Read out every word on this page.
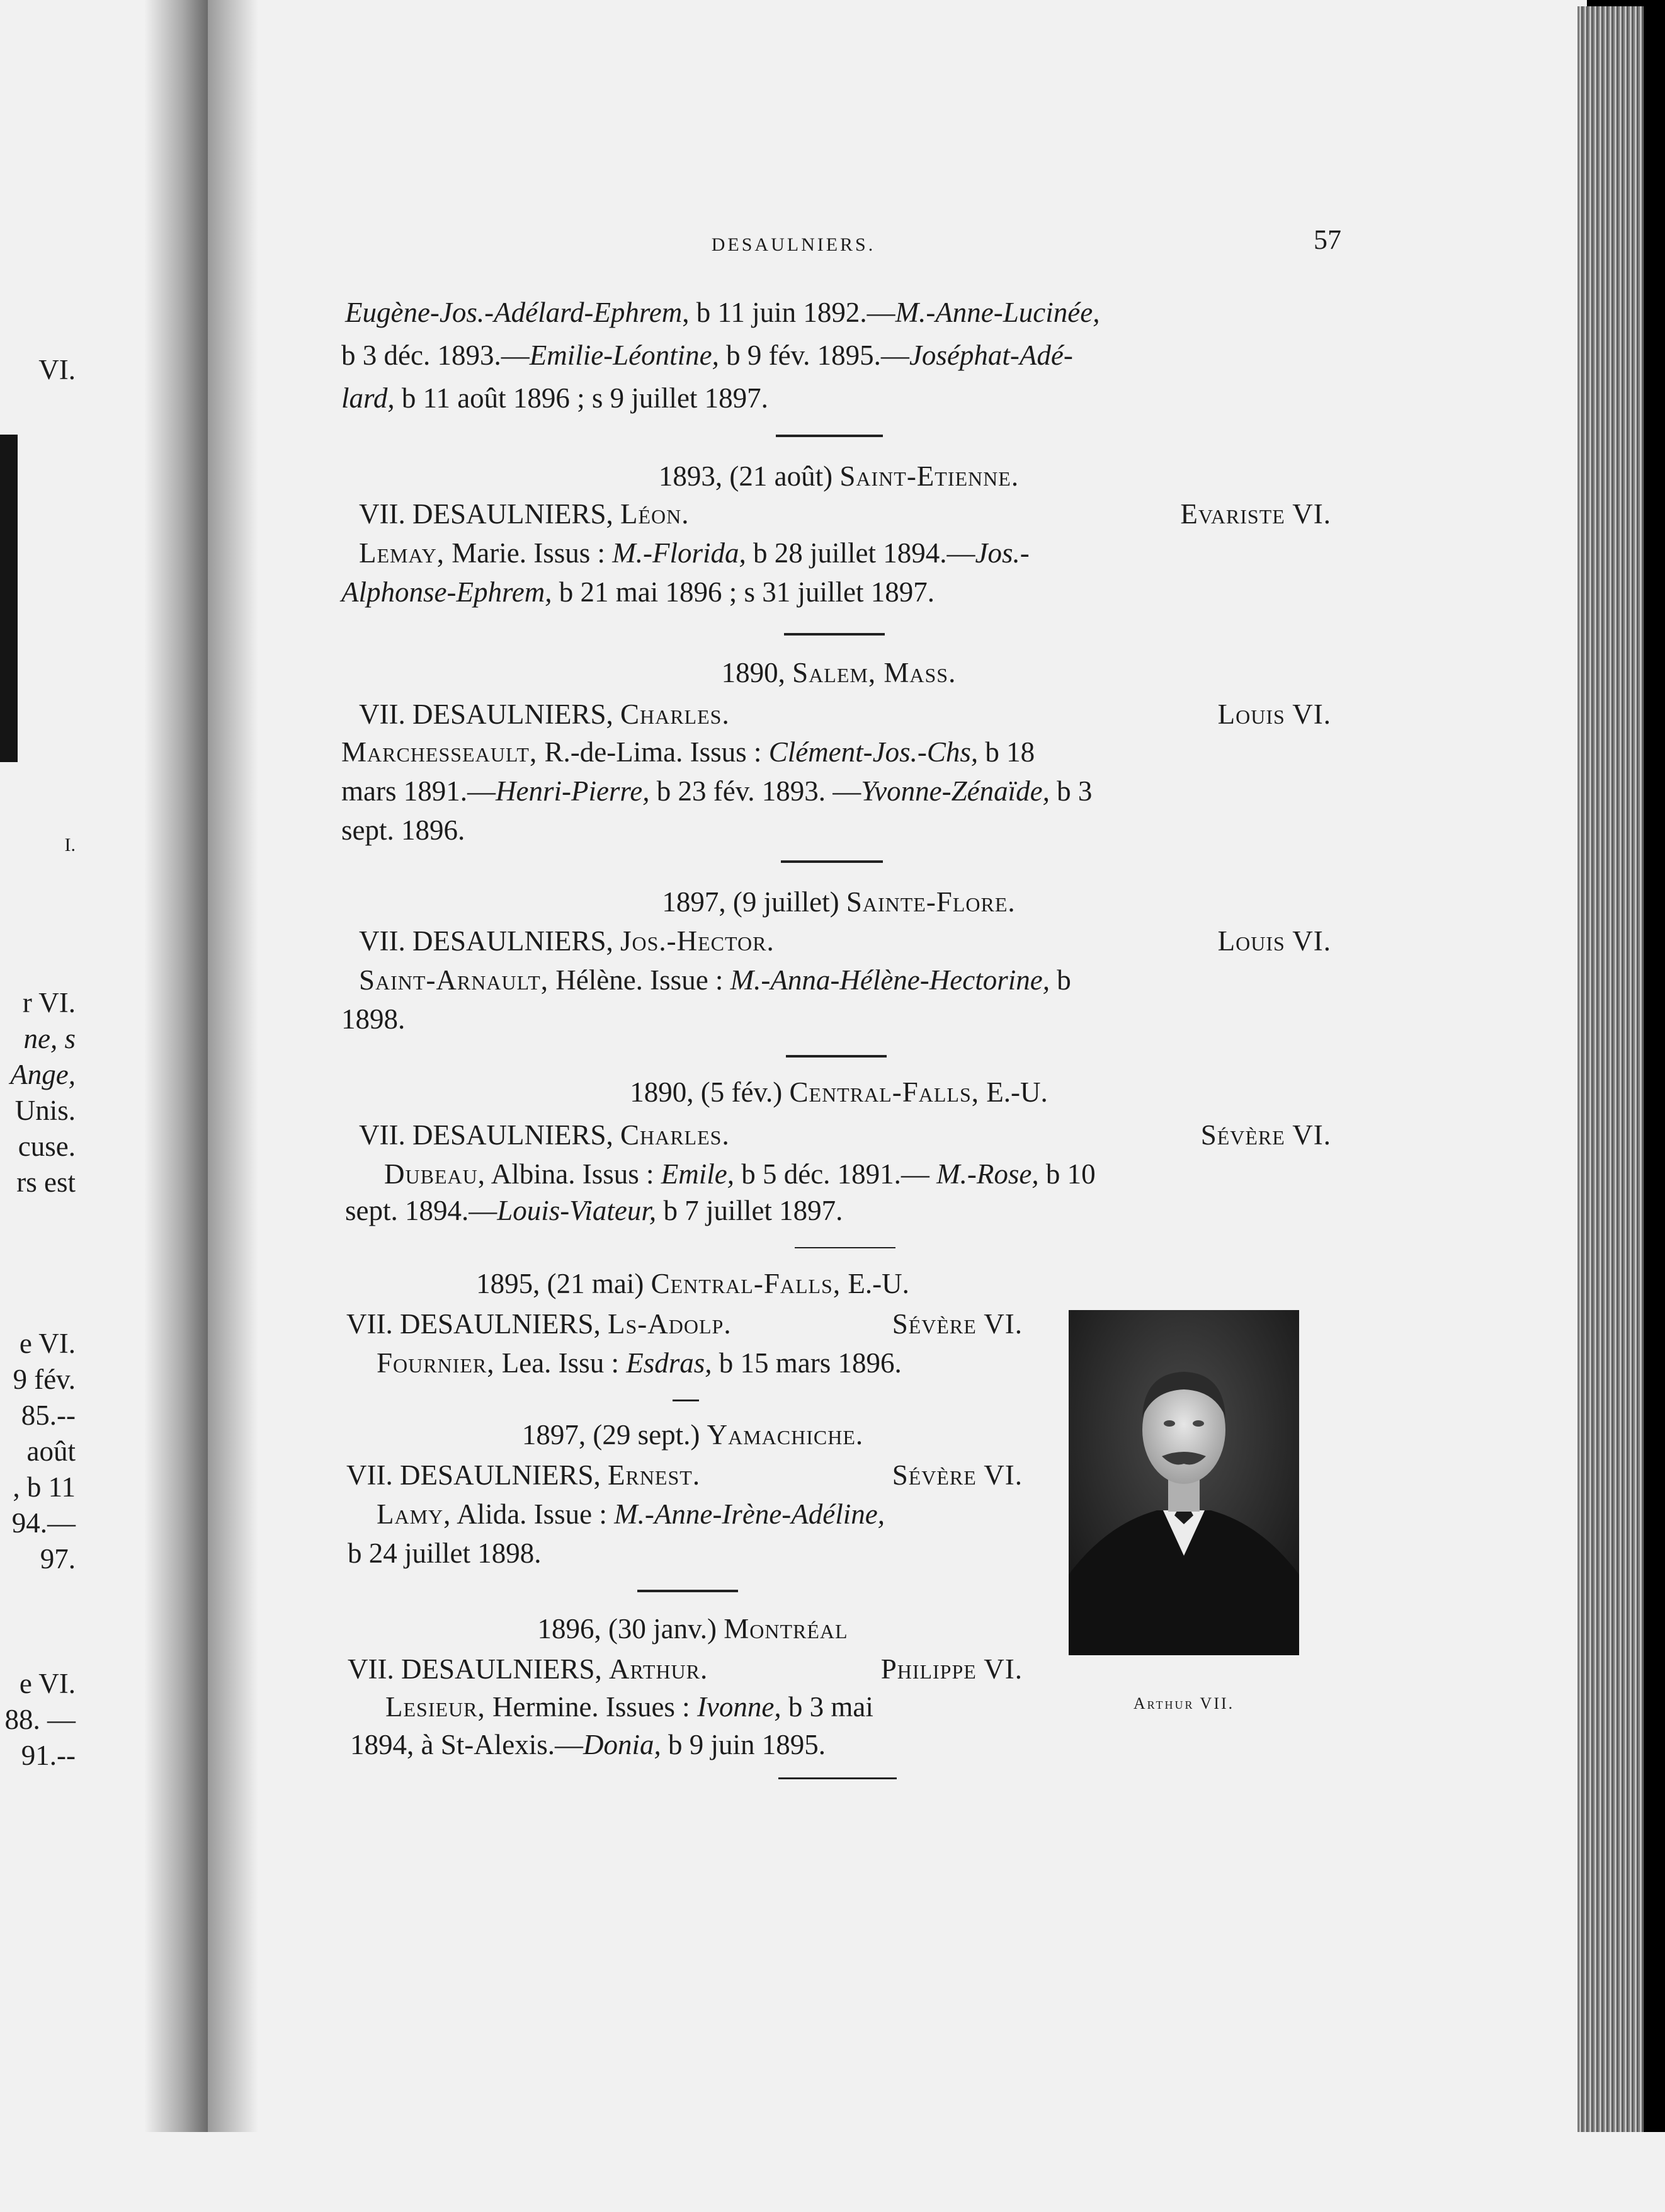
VI.
I.
r VI.
ne, s
Ange,
Unis.
cuse.
rs est
e VI.
9 fév.
85.--
août
, b 11
94.—
97.
e VI.
88. —
91.--
DESAULNIERS.	57
Eugène-Jos.-Adélard-Ephrem, b 11 juin 1892.—M.-Anne-Lucinée,
b 3 déc. 1893.—Emilie-Léontine, b 9 fév. 1895.—Joséphat-Adé-
lard, b 11 août 1896 ; s 9 juillet 1897.
1893, (21 août) Saint-Etienne.
VII. DESAULNIERS, Léon.	Evariste VI.
Lemay, Marie. Issus : M.-Florida, b 28 juillet 1894.—Jos.-
Alphonse-Ephrem, b 21 mai 1896 ; s 31 juillet 1897.
1890, Salem, Mass.
VII. DESAULNIERS, Charles.	Louis VI.
Marchesseault, R.-de-Lima. Issus : Clément-Jos.-Chs, b 18
mars 1891.—Henri-Pierre, b 23 fév. 1893. —Yvonne-Zénaïde, b 3
sept. 1896.
1897, (9 juillet) Sainte-Flore.
VII. DESAULNIERS, Jos.-Hector.	Louis VI.
Saint-Arnault, Hélène. Issue : M.-Anna-Hélène-Hectorine, b
1898.
1890, (5 fév.) Central-Falls, E.-U.
VII. DESAULNIERS, Charles.	Sévère VI.
Dubeau, Albina. Issus : Emile, b 5 déc. 1891.— M.-Rose, b 10
sept. 1894.—Louis-Viateur, b 7 juillet 1897.
1895, (21 mai) Central-Falls, E.-U.
VII. DESAULNIERS, Ls-Adolp.	Sévère VI.
Fournier, Lea. Issu : Esdras, b 15 mars 1896.
1897, (29 sept.) Yamachiche.
VII. DESAULNIERS, Ernest.	Sévère VI.
Lamy, Alida. Issue : M.-Anne-Irène-Adéline,
b 24 juillet 1898.
1896, (30 janv.) Montréal
VII. DESAULNIERS, Arthur.	Philippe VI.
Lesieur, Hermine. Issues : Ivonne, b 3 mai
1894, à St-Alexis.—Donia, b 9 juin 1895.
Arthur VII.
